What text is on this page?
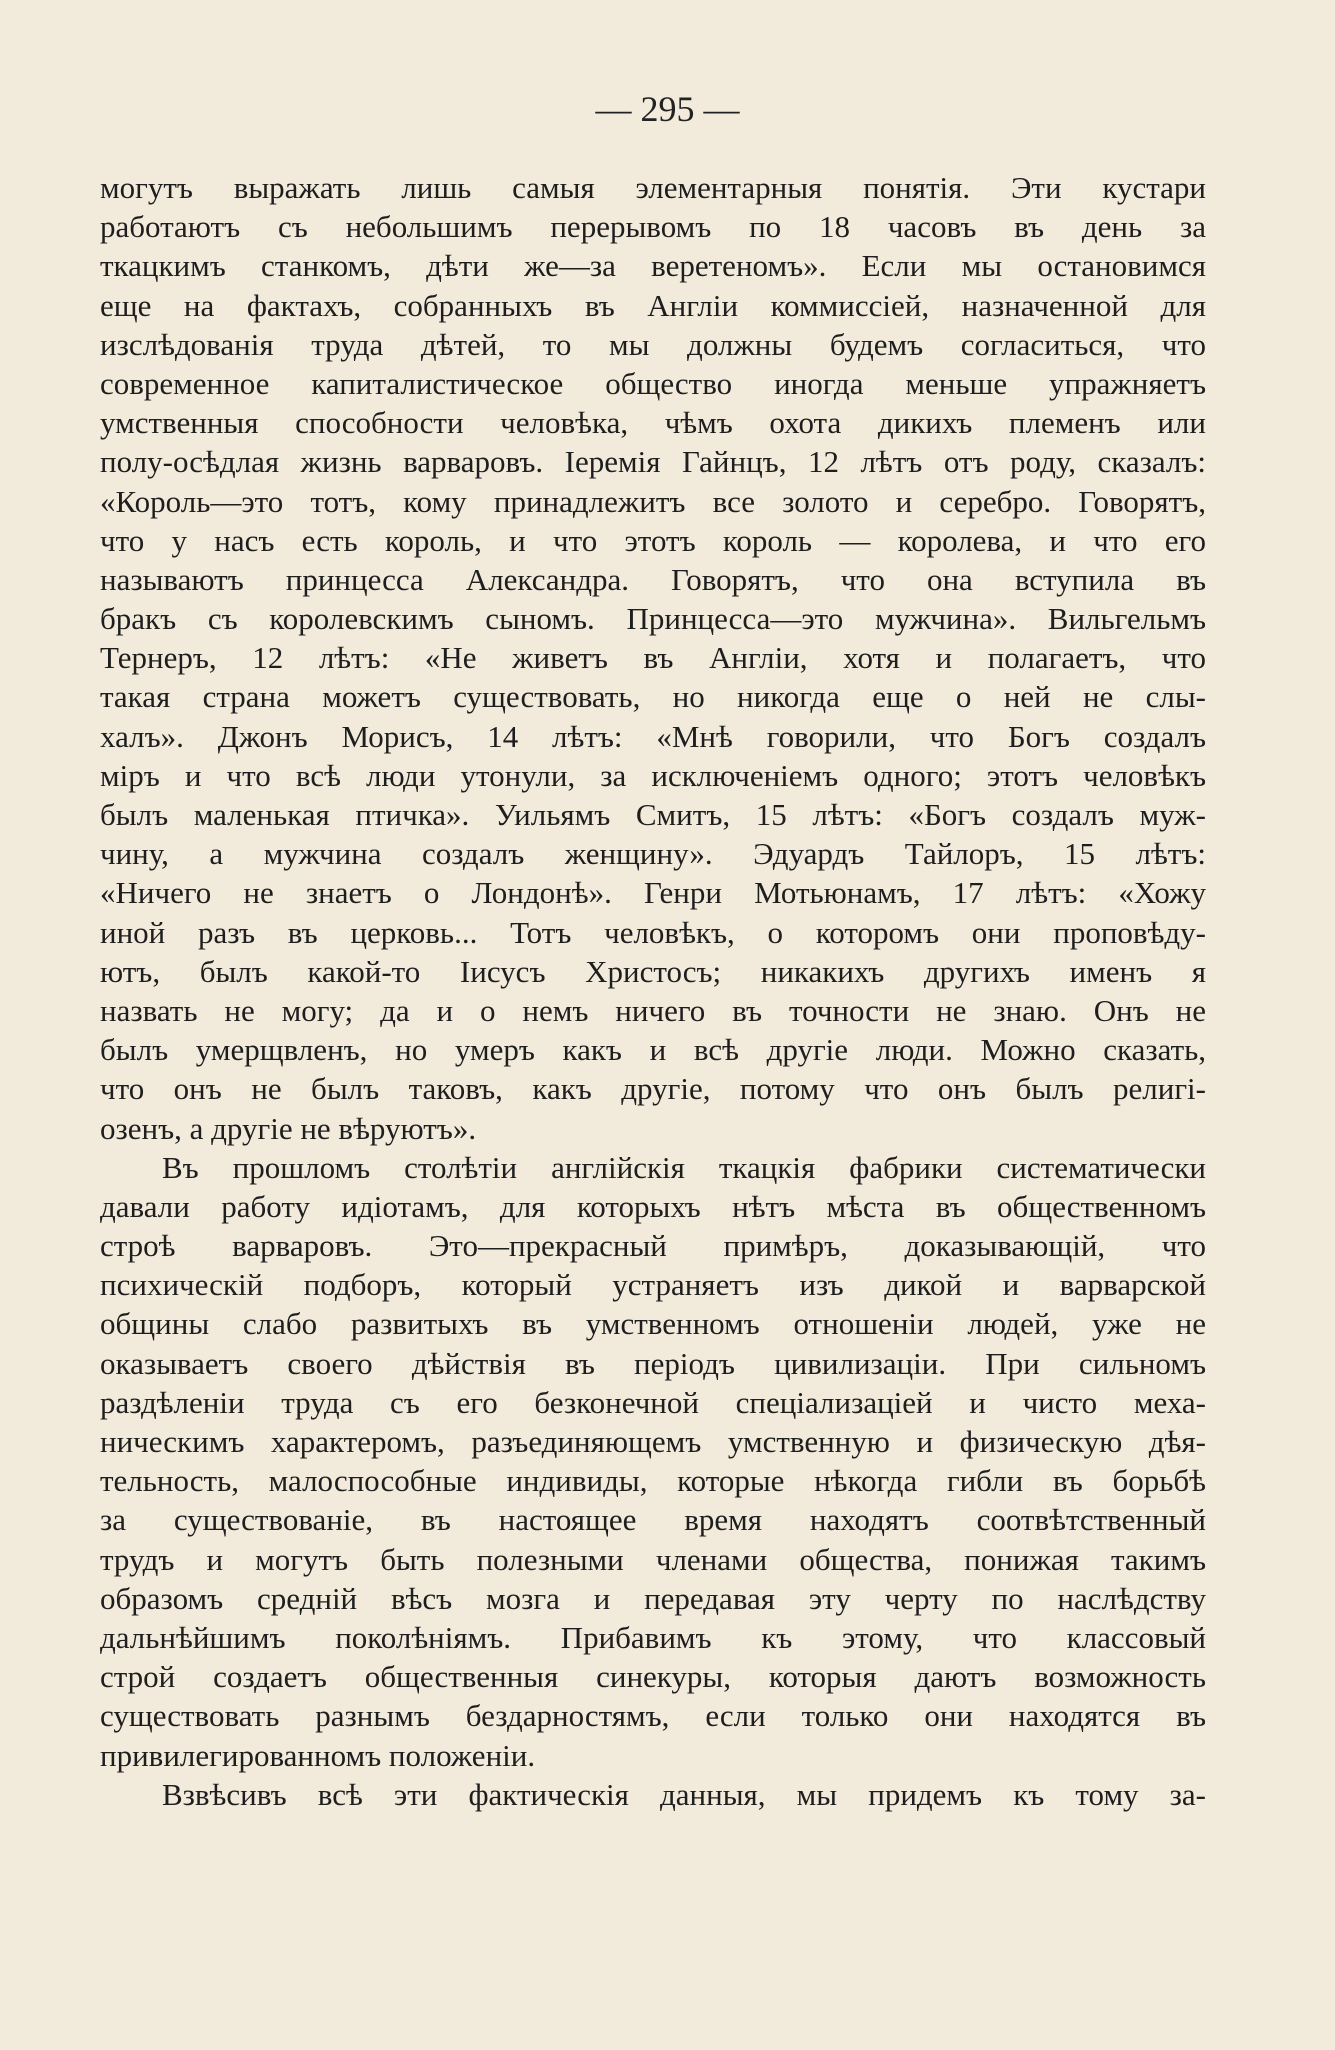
— 295 —
могутъ выражать лишь самыя элементарныя понятія. Эти кустари
работаютъ съ небольшимъ перерывомъ по 18 часовъ въ день за
ткацкимъ станкомъ, дѣти же—за веретеномъ». Если мы остановимся
еще на фактахъ, собранныхъ въ Англіи коммиссіей, назначенной для
изслѣдованія труда дѣтей, то мы должны будемъ согласиться, что
современное капиталистическое общество иногда меньше упражняетъ
умственныя способности человѣка, чѣмъ охота дикихъ племенъ или
полу-осѣдлая жизнь варваровъ. Іеремія Гайнцъ, 12 лѣтъ отъ роду, сказалъ:
«Король—это тотъ, кому принадлежитъ все золото и серебро. Говорятъ,
что у насъ есть король, и что этотъ король — королева, и что его
называютъ принцесса Александра. Говорятъ, что она вступила въ
бракъ съ королевскимъ сыномъ. Принцесса—это мужчина». Вильгельмъ
Тернеръ, 12 лѣтъ: «Не живетъ въ Англіи, хотя и полагаетъ, что
такая страна можетъ существовать, но никогда еще о ней не слы-
халъ». Джонъ Морисъ, 14 лѣтъ: «Мнѣ говорили, что Богъ создалъ
міръ и что всѣ люди утонули, за исключеніемъ одного; этотъ человѣкъ
былъ маленькая птичка». Уильямъ Смитъ, 15 лѣтъ: «Богъ создалъ муж-
чину, а мужчина создалъ женщину». Эдуардъ Тайлоръ, 15 лѣтъ:
«Ничего не знаетъ о Лондонѣ». Генри Мотьюнамъ, 17 лѣтъ: «Хожу
иной разъ въ церковь... Тотъ человѣкъ, о которомъ они проповѣду-
ютъ, былъ какой-то Іисусъ Христосъ; никакихъ другихъ именъ я
назвать не могу; да и о немъ ничего въ точности не знаю. Онъ не
былъ умерщвленъ, но умеръ какъ и всѣ другіе люди. Можно сказать,
что онъ не былъ таковъ, какъ другіе, потому что онъ былъ религі-
озенъ, а другіе не вѣруютъ».
Въ прошломъ столѣтіи англійскія ткацкія фабрики систематически
давали работу идіотамъ, для которыхъ нѣтъ мѣста въ общественномъ
строѣ варваровъ. Это—прекрасный примѣръ, доказывающій, что
психическій подборъ, который устраняетъ изъ дикой и варварской
общины слабо развитыхъ въ умственномъ отношеніи людей, уже не
оказываетъ своего дѣйствія въ періодъ цивилизаціи. При сильномъ
раздѣленіи труда съ его безконечной спеціализаціей и чисто меха-
ническимъ характеромъ, разъединяющемъ умственную и физическую дѣя-
тельность, малоспособные индивиды, которые нѣкогда гибли въ борьбѣ
за существованіе, въ настоящее время находятъ соотвѣтственный
трудъ и могутъ быть полезными членами общества, понижая такимъ
образомъ средній вѣсъ мозга и передавая эту черту по наслѣдству
дальнѣйшимъ поколѣніямъ. Прибавимъ къ этому, что классовый
строй создаетъ общественныя синекуры, которыя даютъ возможность
существовать разнымъ бездарностямъ, если только они находятся въ
привилегированномъ положеніи.
Взвѣсивъ всѣ эти фактическія данныя, мы придемъ къ тому за-
